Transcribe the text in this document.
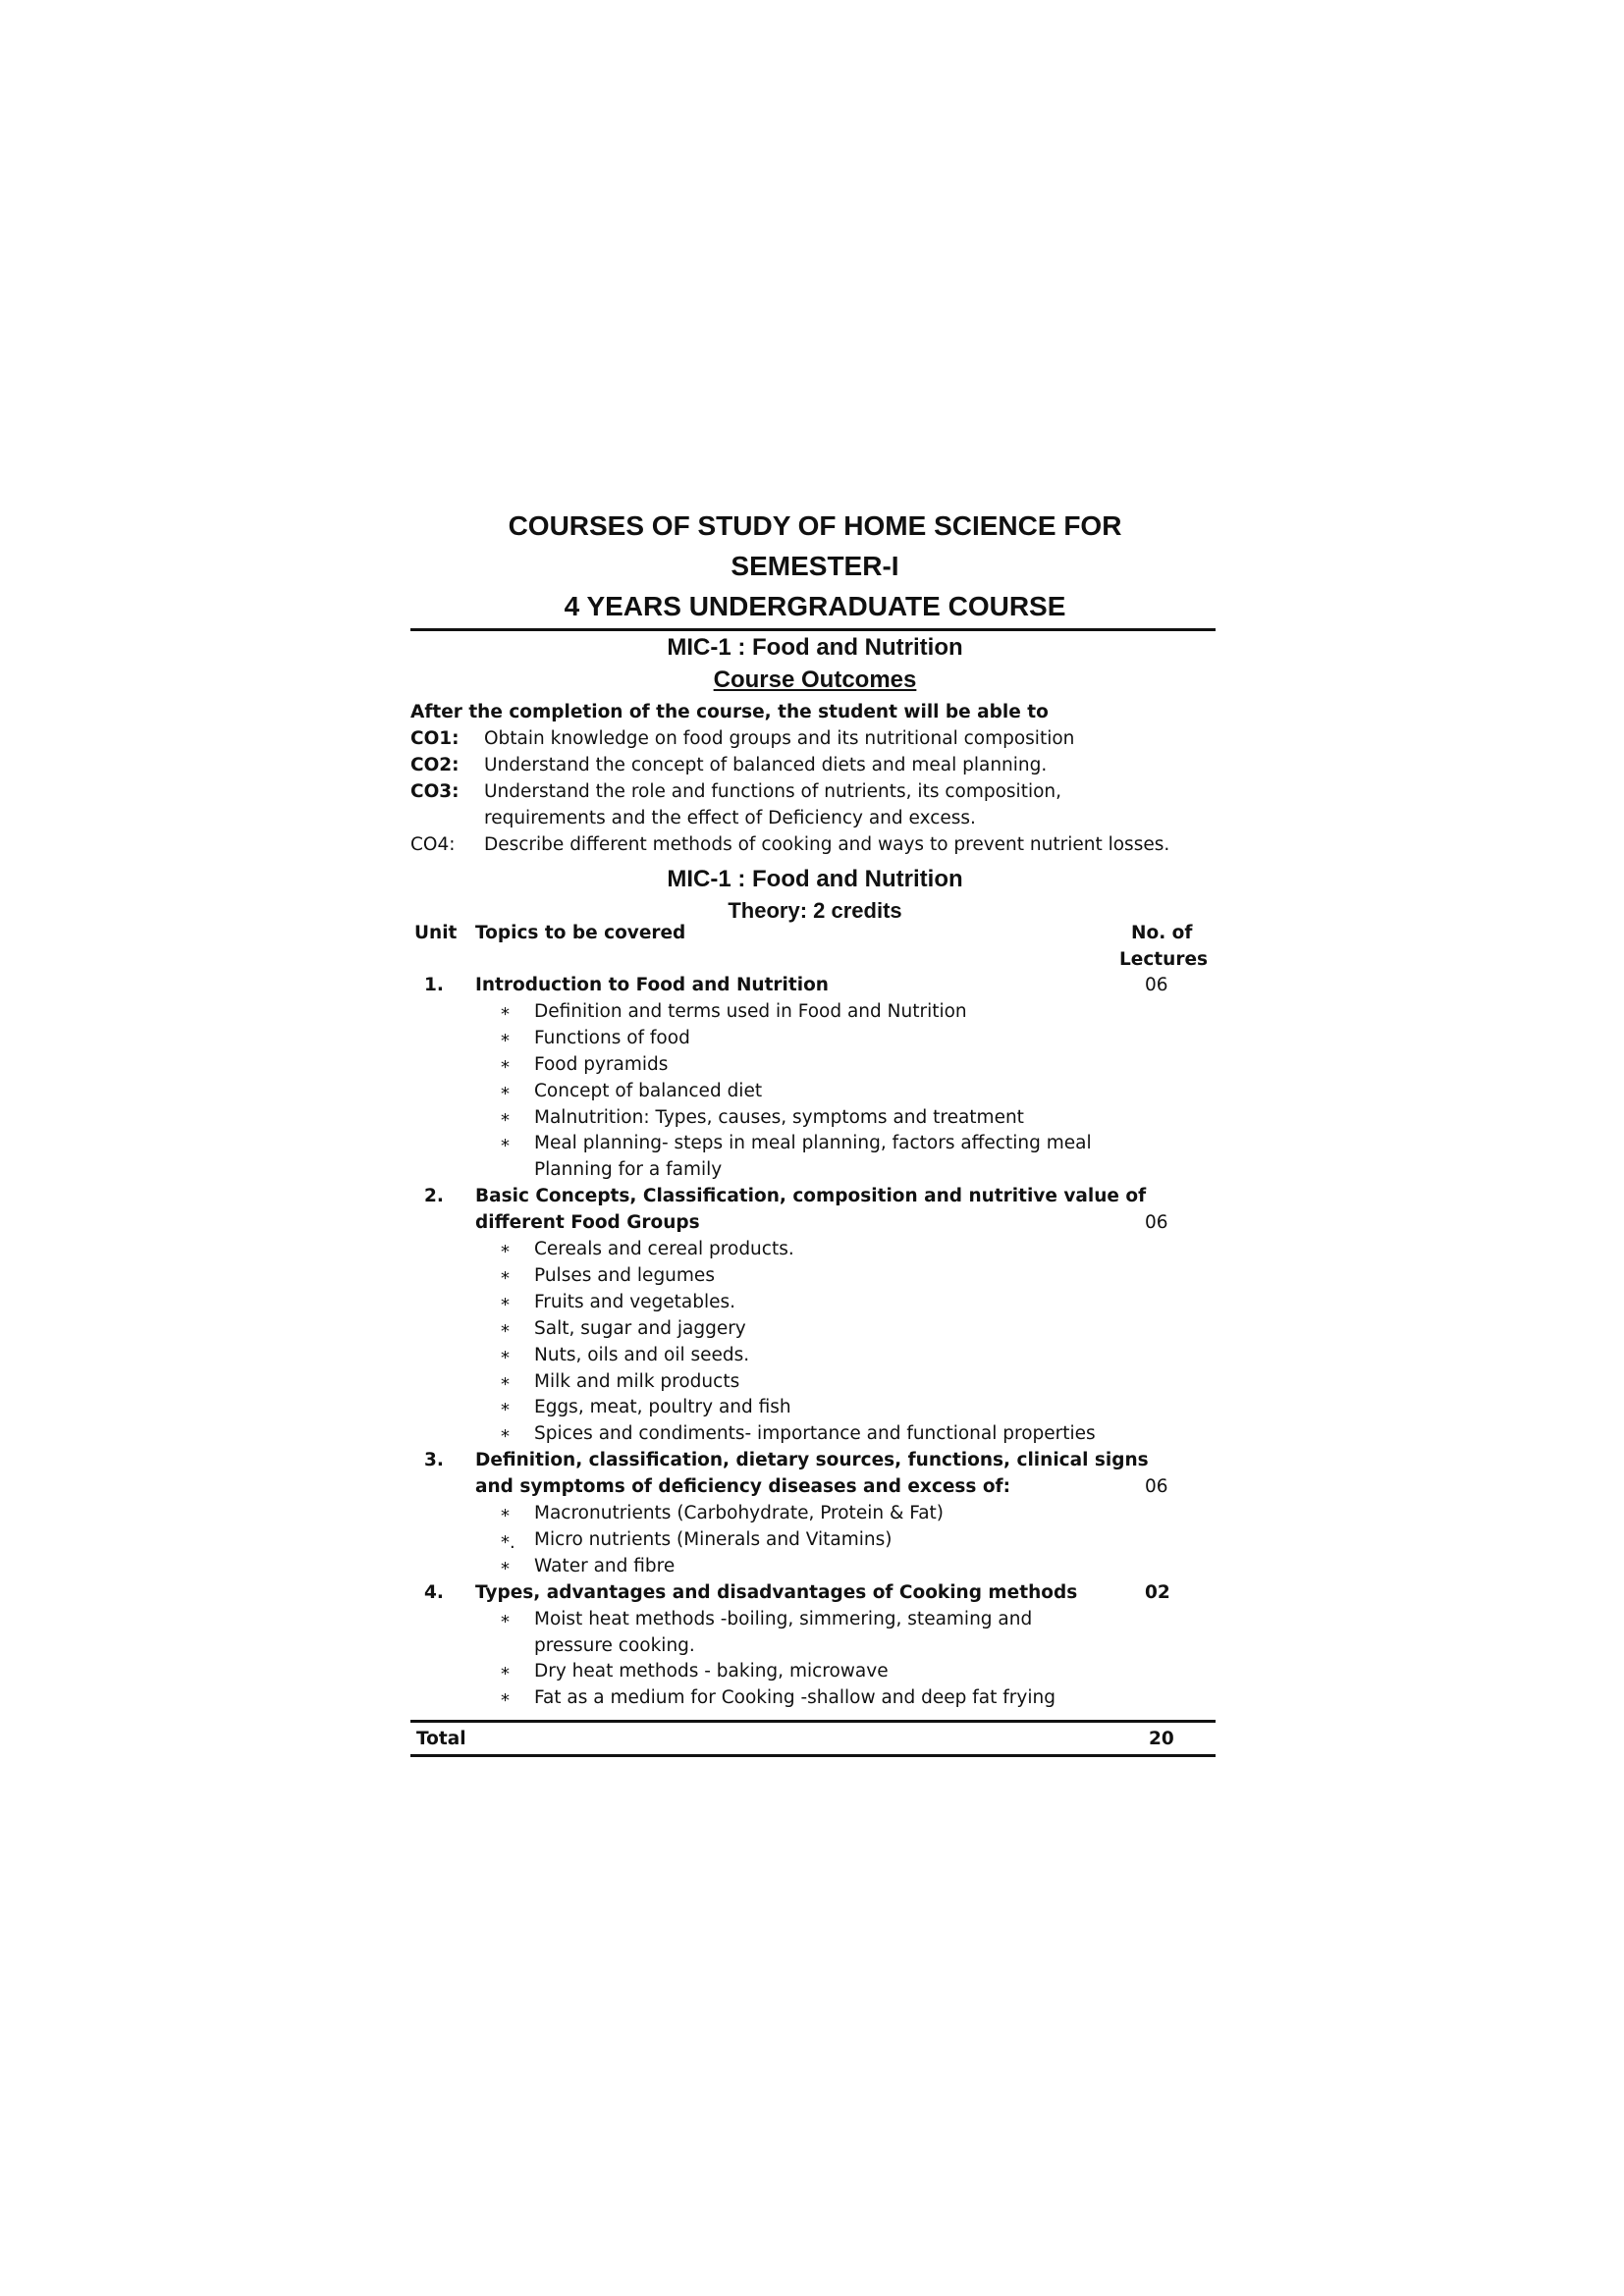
COURSES OF STUDY OF HOME SCIENCE FOR
SEMESTER-I
4 YEARS UNDERGRADUATE COURSE
MIC-1 : Food and Nutrition
Course Outcomes
After the completion of the course, the student will be able to
CO1: Obtain knowledge on food groups and its nutritional composition
CO2: Understand the concept of balanced diets and meal planning.
CO3: Understand the role and functions of nutrients, its composition,
requirements and the effect of Deficiency and excess.
CO4: Describe different methods of cooking and ways to prevent nutrient losses.
MIC-1 : Food and Nutrition
Theory: 2 credits
Unit Topics to be covered	No. of
Lectures
1. Introduction to Food and Nutrition	06
* Definition and terms used in Food and Nutrition
* Functions of food
* Food pyramids
* Concept of balanced diet
* Malnutrition: Types, causes, symptoms and treatment
* Meal planning- steps in meal planning, factors affecting meal
Planning for a family
2. Basic Concepts, Classification, composition and nutritive value of
different Food Groups	06
* Cereals and cereal products.
* Pulses and legumes
* Fruits and vegetables.
* Salt, sugar and jaggery
* Nuts, oils and oil seeds.
* Milk and milk products
* Eggs, meat, poultry and fish
* Spices and condiments- importance and functional properties
3. Definition, classification, dietary sources, functions, clinical signs
and symptoms of deficiency diseases and excess of:	06
* Macronutrients (Carbohydrate, Protein & Fat)
*. Micro nutrients (Minerals and Vitamins)
* Water and fibre
4. Types, advantages and disadvantages of Cooking methods	02
* Moist heat methods -boiling, simmering, steaming and
pressure cooking.
* Dry heat methods - baking, microwave
* Fat as a medium for Cooking -shallow and deep fat frying
Total	20
